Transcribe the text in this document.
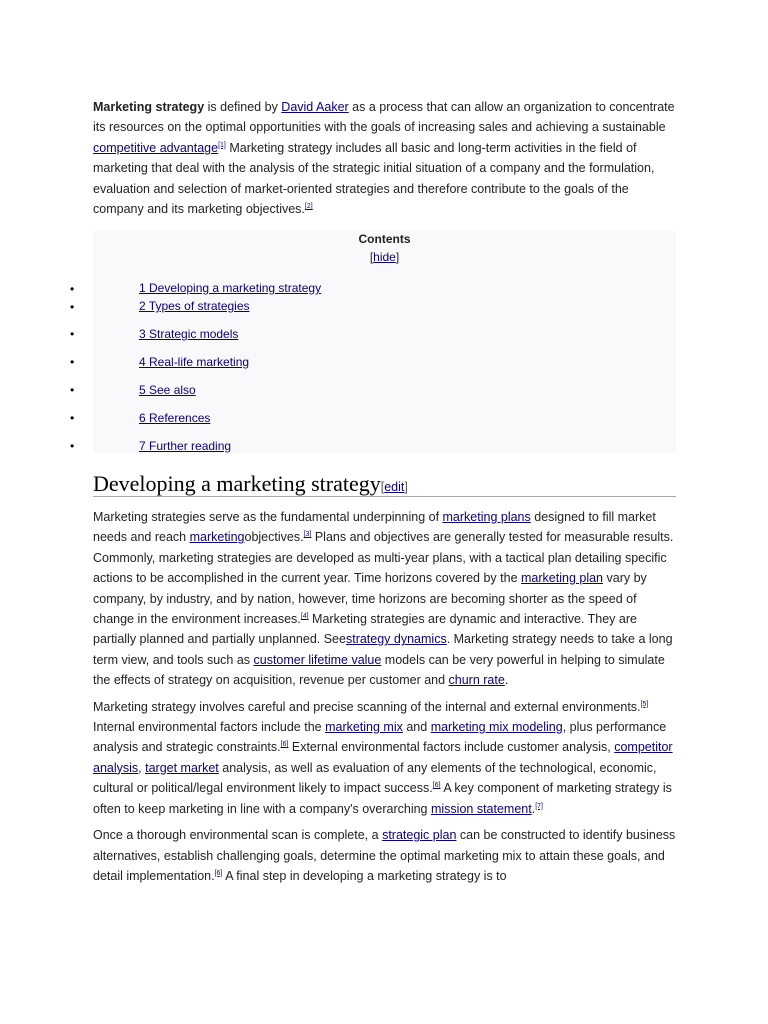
Marketing strategy is defined by David Aaker as a process that can allow an organization to concentrate its resources on the optimal opportunities with the goals of increasing sales and achieving a sustainable competitive advantage[1] Marketing strategy includes all basic and long-term activities in the field of marketing that deal with the analysis of the strategic initial situation of a company and the formulation, evaluation and selection of market-oriented strategies and therefore contribute to the goals of the company and its marketing objectives.[2]

Contents
[hide]
•	1 Developing a marketing strategy
•	2 Types of strategies
•	3 Strategic models
•	4 Real-life marketing
•	5 See also
•	6 References
•	7 Further reading
Developing a marketing strategy[edit]

Marketing strategies serve as the fundamental underpinning of marketing plans designed to fill market needs and reach marketingobjectives.[3] Plans and objectives are generally tested for measurable results. Commonly, marketing strategies are developed as multi-year plans, with a tactical plan detailing specific actions to be accomplished in the current year. Time horizons covered by the marketing plan vary by company, by industry, and by nation, however, time horizons are becoming shorter as the speed of change in the environment increases.[4] Marketing strategies are dynamic and interactive. They are partially planned and partially unplanned. Seestrategy dynamics. Marketing strategy needs to take a long term view, and tools such as customer lifetime value models can be very powerful in helping to simulate the effects of strategy on acquisition, revenue per customer and churn rate.

Marketing strategy involves careful and precise scanning of the internal and external environments.[5] Internal environmental factors include the marketing mix and marketing mix modeling, plus performance analysis and strategic constraints.[6] External environmental factors include customer analysis, competitor analysis, target market analysis, as well as evaluation of any elements of the technological, economic, cultural or political/legal environment likely to impact success.[6] A key component of marketing strategy is often to keep marketing in line with a company's overarching mission statement.[7]

Once a thorough environmental scan is complete, a strategic plan can be constructed to identify business alternatives, establish challenging goals, determine the optimal marketing mix to attain these goals, and detail implementation.[6] A final step in developing a marketing strategy is to
